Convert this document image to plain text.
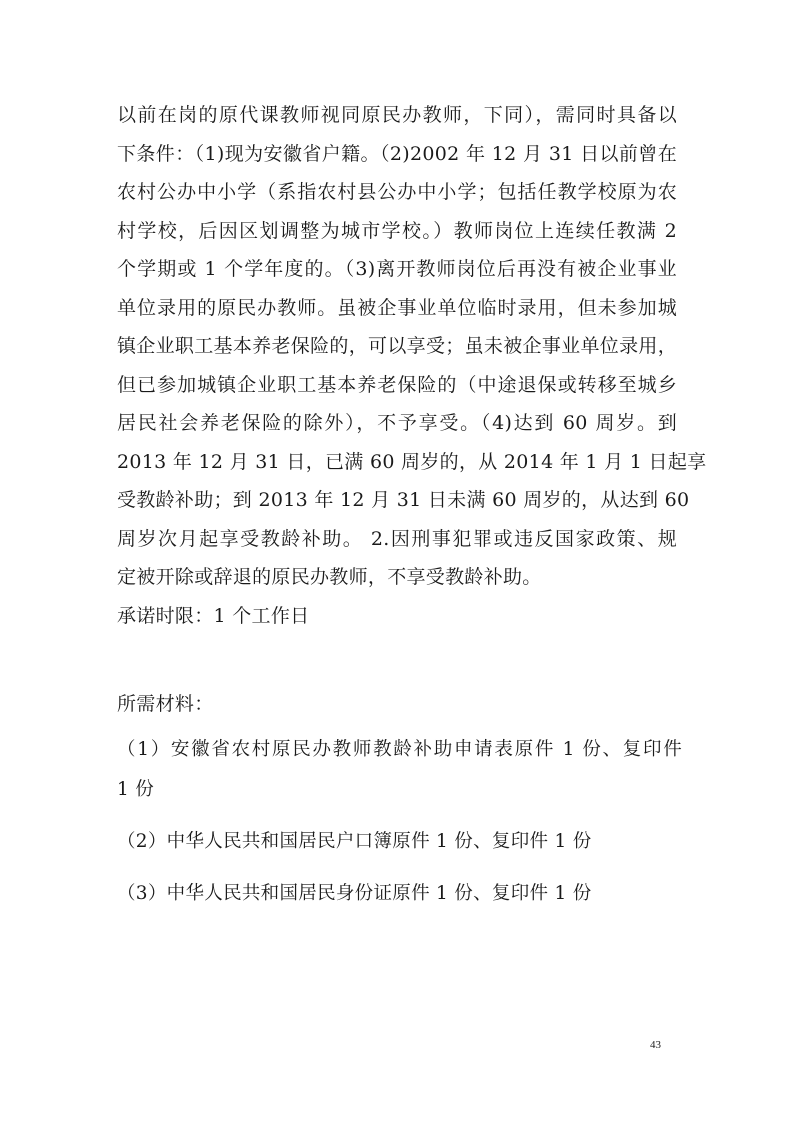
以前在岗的原代课教师视同原民办教师，下同），需同时具备以
下条件：（1)现为安徽省户籍。（2)2002 年 12 月 31 日以前曾在
农村公办中小学（系指农村县公办中小学；包括任教学校原为农
村学校，后因区划调整为城市学校。）教师岗位上连续任教满 2
个学期或 1 个学年度的。（3)离开教师岗位后再没有被企业事业
单位录用的原民办教师。虽被企事业单位临时录用，但未参加城
镇企业职工基本养老保险的，可以享受；虽未被企事业单位录用，
但已参加城镇企业职工基本养老保险的（中途退保或转移至城乡
居民社会养老保险的除外），不予享受。（4)达到 60 周岁。到
2013 年 12 月 31 日，已满 60 周岁的，从 2014 年 1 月 1 日起享
受教龄补助；到 2013 年 12 月 31 日未满 60 周岁的，从达到 60
周岁次月起享受教龄补助。 2.因刑事犯罪或违反国家政策、规
定被开除或辞退的原民办教师，不享受教龄补助。
承诺时限：1 个工作日
所需材料：
（1）安徽省农村原民办教师教龄补助申请表原件 1 份、复印件
1 份
（2）中华人民共和国居民户口簿原件 1 份、复印件 1 份
（3）中华人民共和国居民身份证原件 1 份、复印件 1 份
43
